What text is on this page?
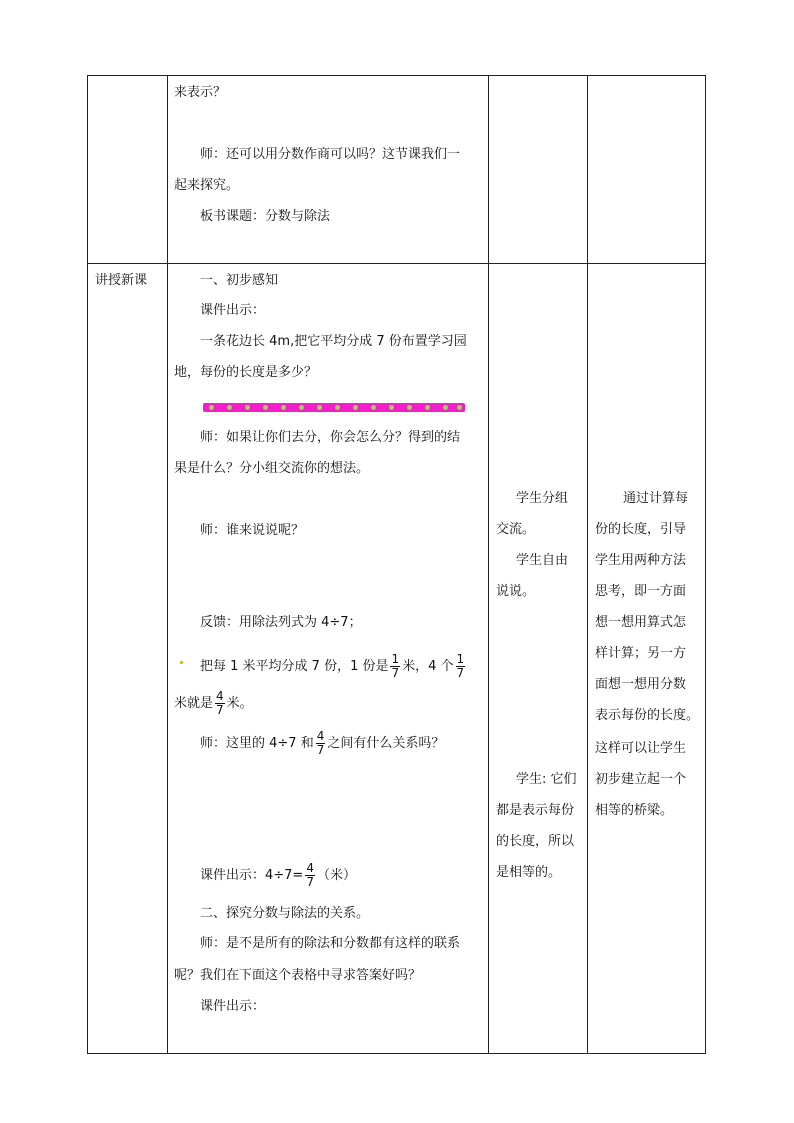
来表示？
师：还可以用分数作商可以吗？这节课我们一
起来探究。
板书课题：分数与除法
讲授新课	一、初步感知
课件出示：
一条花边长 4m,把它平均分成 7 份布置学习园
地，每份的长度是多少？
师：如果让你们去分，你会怎么分？得到的结
果是什么？分小组交流你的想法。
师：谁来说说呢？
反馈：用除法列式为 4÷7；
把每 1 米平均分成 7 份，1 份是 $\frac{1}{7}$ 米，4 个 $\frac{1}{7}$
米就是 $\frac{4}{7}$ 米。
师：这里的 4÷7 和 $\frac{4}{7}$ 之间有什么关系吗？
课件出示：$4\div 7= \frac{4}{7}$ （米）
二、探究分数与除法的关系。
师：是不是所有的除法和分数都有这样的联系
呢？我们在下面这个表格中寻求答案好吗？
课件出示：
学生分组
交流。
学生自由
说说。
学生: 它们
都是表示每份
的长度，所以
是相等的。
通过计算每
份的长度，引导
学生用两种方法
思考，即一方面
想一想用算式怎
样计算；另一方
面想一想用分数
表示每份的长度。
这样可以让学生
初步建立起一个
相等的桥梁。
